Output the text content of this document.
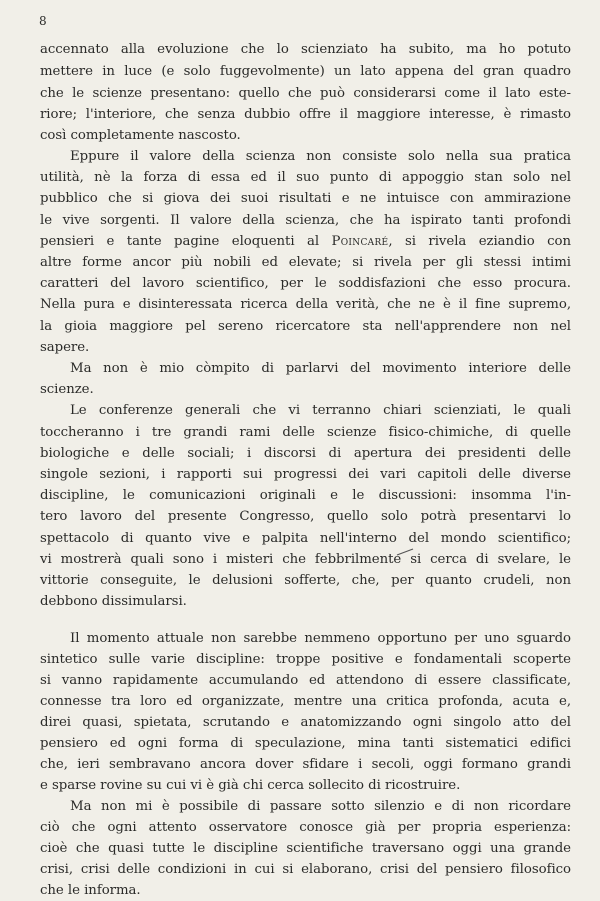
8
accennato alla evoluzione che lo scienziato ha subito, ma ho potuto
mettere in luce (e solo fuggevolmente) un lato appena del gran quadro
che le scienze presentano: quello che può considerarsi come il lato este-
riore; l'interiore, che senza dubbio offre il maggiore interesse, è rimasto
così completamente nascosto.
Eppure il valore della scienza non consiste solo nella sua pratica
utilità, nè la forza di essa ed il suo punto di appoggio stan solo nel
pubblico che si giova dei suoi risultati e ne intuisce con ammirazione
le vive sorgenti. Il valore della scienza, che ha ispirato tanti profondi
pensieri e tante pagine eloquenti al Poincaré, si rivela eziandio con
altre forme ancor più nobili ed elevate; si rivela per gli stessi intimi
caratteri del lavoro scientifico, per le soddisfazioni che esso procura.
Nella pura e disinteressata ricerca della verità, che ne è il fine supremo,
la gioia maggiore pel sereno ricercatore sta nell'apprendere non nel
sapere.
Ma non è mio còmpito di parlarvi del movimento interiore delle
scienze.
Le conferenze generali che vi terranno chiari scienziati, le quali
toccheranno i tre grandi rami delle scienze fisico-chimiche, di quelle
biologiche e delle sociali; i discorsi di apertura dei presidenti delle
singole sezioni, i rapporti sui progressi dei vari capitoli delle diverse
discipline, le comunicazioni originali e le discussioni: insomma l'in-
tero lavoro del presente Congresso, quello solo potrà presentarvi lo
spettacolo di quanto vive e palpita nell'interno del mondo scientifico;
vi mostrerà quali sono i misteri che febbrilmente si cerca di svelare, le
vittorie conseguite, le delusioni sofferte, che, per quanto crudeli, non
debbono dissimularsi.
Il momento attuale non sarebbe nemmeno opportuno per uno sguardo
sintetico sulle varie discipline: troppe positive e fondamentali scoperte
si vanno rapidamente accumulando ed attendono di essere classificate,
connesse tra loro ed organizzate, mentre una critica profonda, acuta e,
direi quasi, spietata, scrutando e anatomizzando ogni singolo atto del
pensiero ed ogni forma di speculazione, mina tanti sistematici edifici
che, ieri sembravano ancora dover sfidare i secoli, oggi formano grandi
e sparse rovine su cui vi è già chi cerca sollecito di ricostruire.
Ma non mi è possibile di passare sotto silenzio e di non ricordare
ciò che ogni attento osservatore conosce già per propria esperienza:
cioè che quasi tutte le discipline scientifiche traversano oggi una grande
crisi, crisi delle condizioni in cui si elaborano, crisi del pensiero filosofico
che le informa.
